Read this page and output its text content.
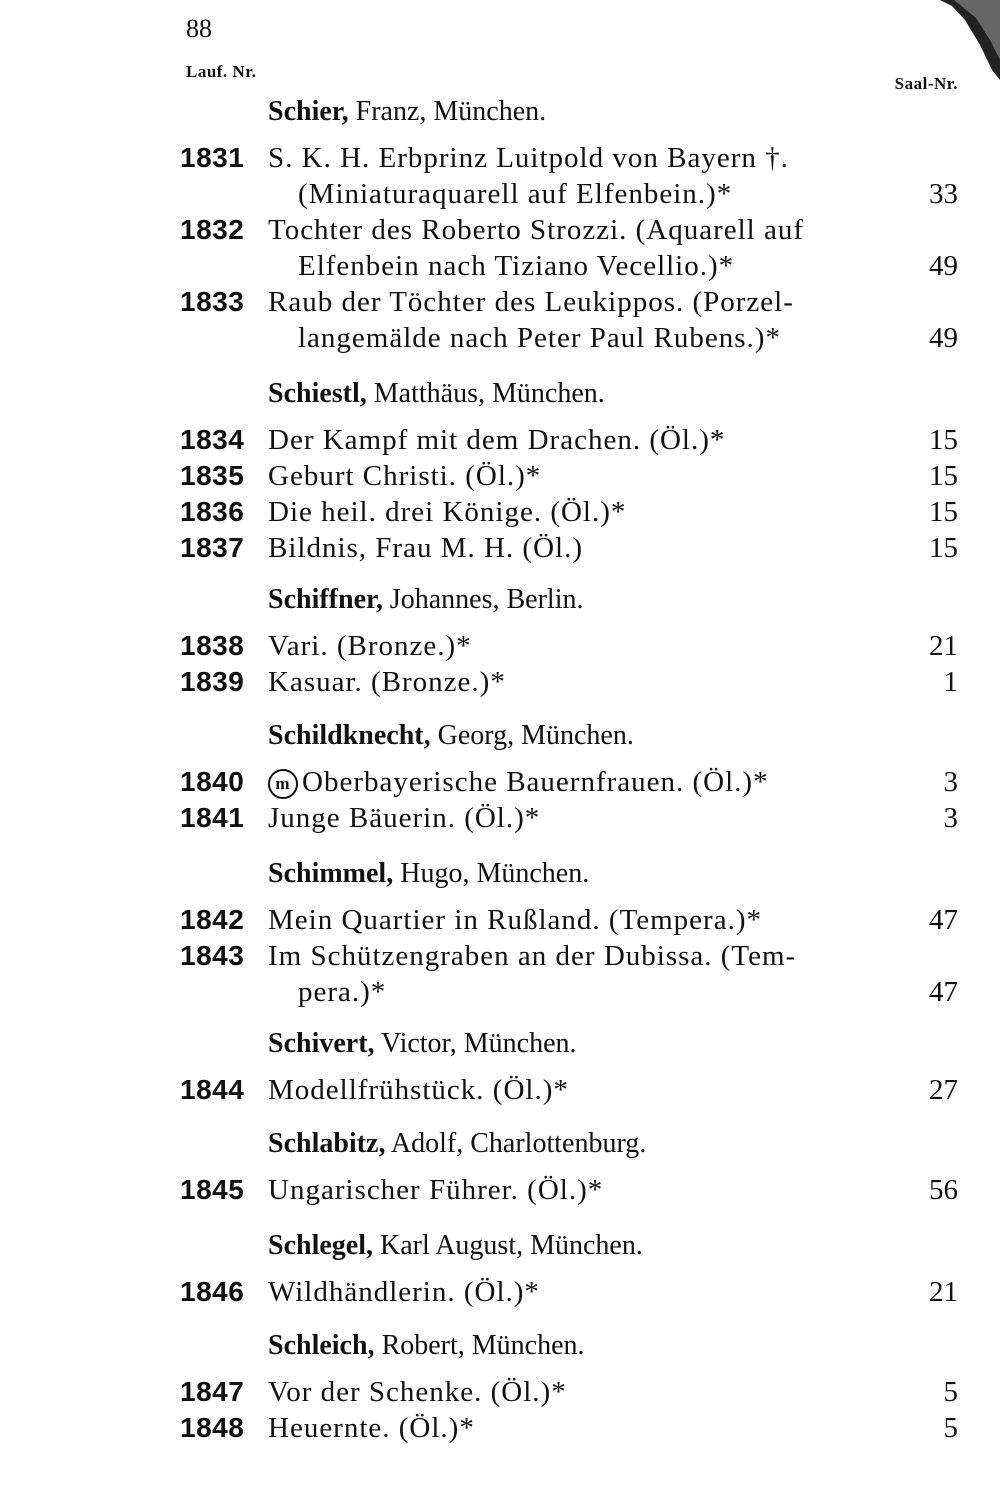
88
Lauf. Nr.
Saal-Nr.
Schier, Franz, München.
1831 S. K. H. Erbprinz Luitpold von Bayern †.
(Miniaturaquarell auf Elfenbein.)*	33
1832 Tochter des Roberto Strozzi. (Aquarell auf
Elfenbein nach Tiziano Vecellio.)*	49
1833 Raub der Töchter des Leukippos. (Porzel-
langemälde nach Peter Paul Rubens.)*	49
Schiestl, Matthäus, München.
1834 Der Kampf mit dem Drachen. (Öl.)*	15
1835 Geburt Christi. (Öl.)*	15
1836 Die heil. drei Könige. (Öl.)*	15
1837 Bildnis, Frau M. H. (Öl.)	15
Schiffner, Johannes, Berlin.
1838 Vari. (Bronze.)*	21
1839 Kasuar. (Bronze.)*	1
Schildknecht, Georg, München.
1840	m Oberbayerische Bauernfrauen. (Öl.)*	3
1841 Junge Bäuerin. (Öl.)*	3
Schimmel, Hugo, München.
1842 Mein Quartier in Rußland. (Tempera.)*	47
1843 Im Schützengraben an der Dubissa. (Tem-
pera.)*	47
Schivert, Victor, München.
1844 Modellfrühstück. (Öl.)*	27
Schlabitz, Adolf, Charlottenburg.
1845 Ungarischer Führer. (Öl.)*	56
Schlegel, Karl August, München.
1846 Wildhändlerin. (Öl.)*	21
Schleich, Robert, München.
1847 Vor der Schenke. (Öl.)*	5
1848 Heuernte. (Öl.)*	5
